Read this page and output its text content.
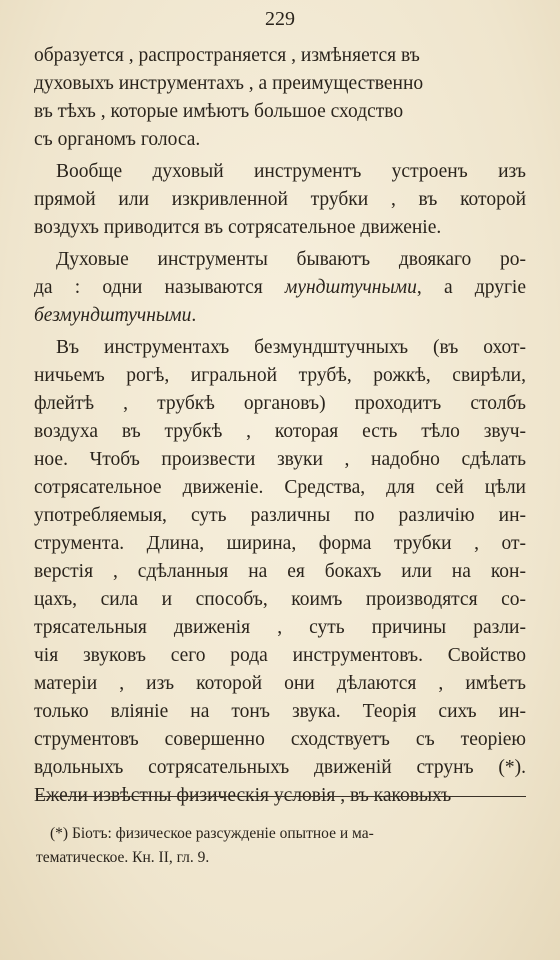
229

образуется , распространяется , измѣняется въ
духовыхъ инструментахъ , а преимущественно
въ тѣхъ , которые имѣютъ большое сходство
съ органомъ голоса.

Вообще духовый инструментъ устроенъ изъ
прямой или изкривленной трубки , въ которой
воздухъ приводится въ сотрясательное движенiе.

Духовые инструменты бываютъ двоякаго ро-
да : одни называются мундштучными, а другiе
безмундштучными.

Въ инструментахъ безмундштучныхъ (въ охот-
ничьемъ рогѣ, игральной трубѣ, рожкѣ, свирѣли,
флейтѣ , трубкѣ органовъ) проходитъ столбъ
воздуха въ трубкѣ , которая есть тѣло звуч-
ное. Чтобъ произвести звуки , надобно сдѣлать
сотрясательное движенiе. Средства, для сей цѣли
употребляемыя, суть различны по различiю ин-
струмента. Длина, ширина, форма трубки , от-
верстiя , сдѣланныя на ея бокахъ или на кон-
цахъ, сила и способъ, коимъ производятся со-
трясательныя движенiя , суть причины разли-
чiя звуковъ сего рода инструментовъ. Свойство
матерiи , изъ которой они дѣлаются , имѣетъ
только влiянiе на тонъ звука. Теорiя сихъ ин-
струментовъ совершенно сходствуетъ съ теорiею
вдольныхъ сотрясательныхъ движенiй струнъ (*).
Ежели извѣстны физическiя условiя , въ каковыхъ

(*) Бiотъ: физическое разсужденiе опытное и ма-
тематическое. Кн. II, гл. 9.
